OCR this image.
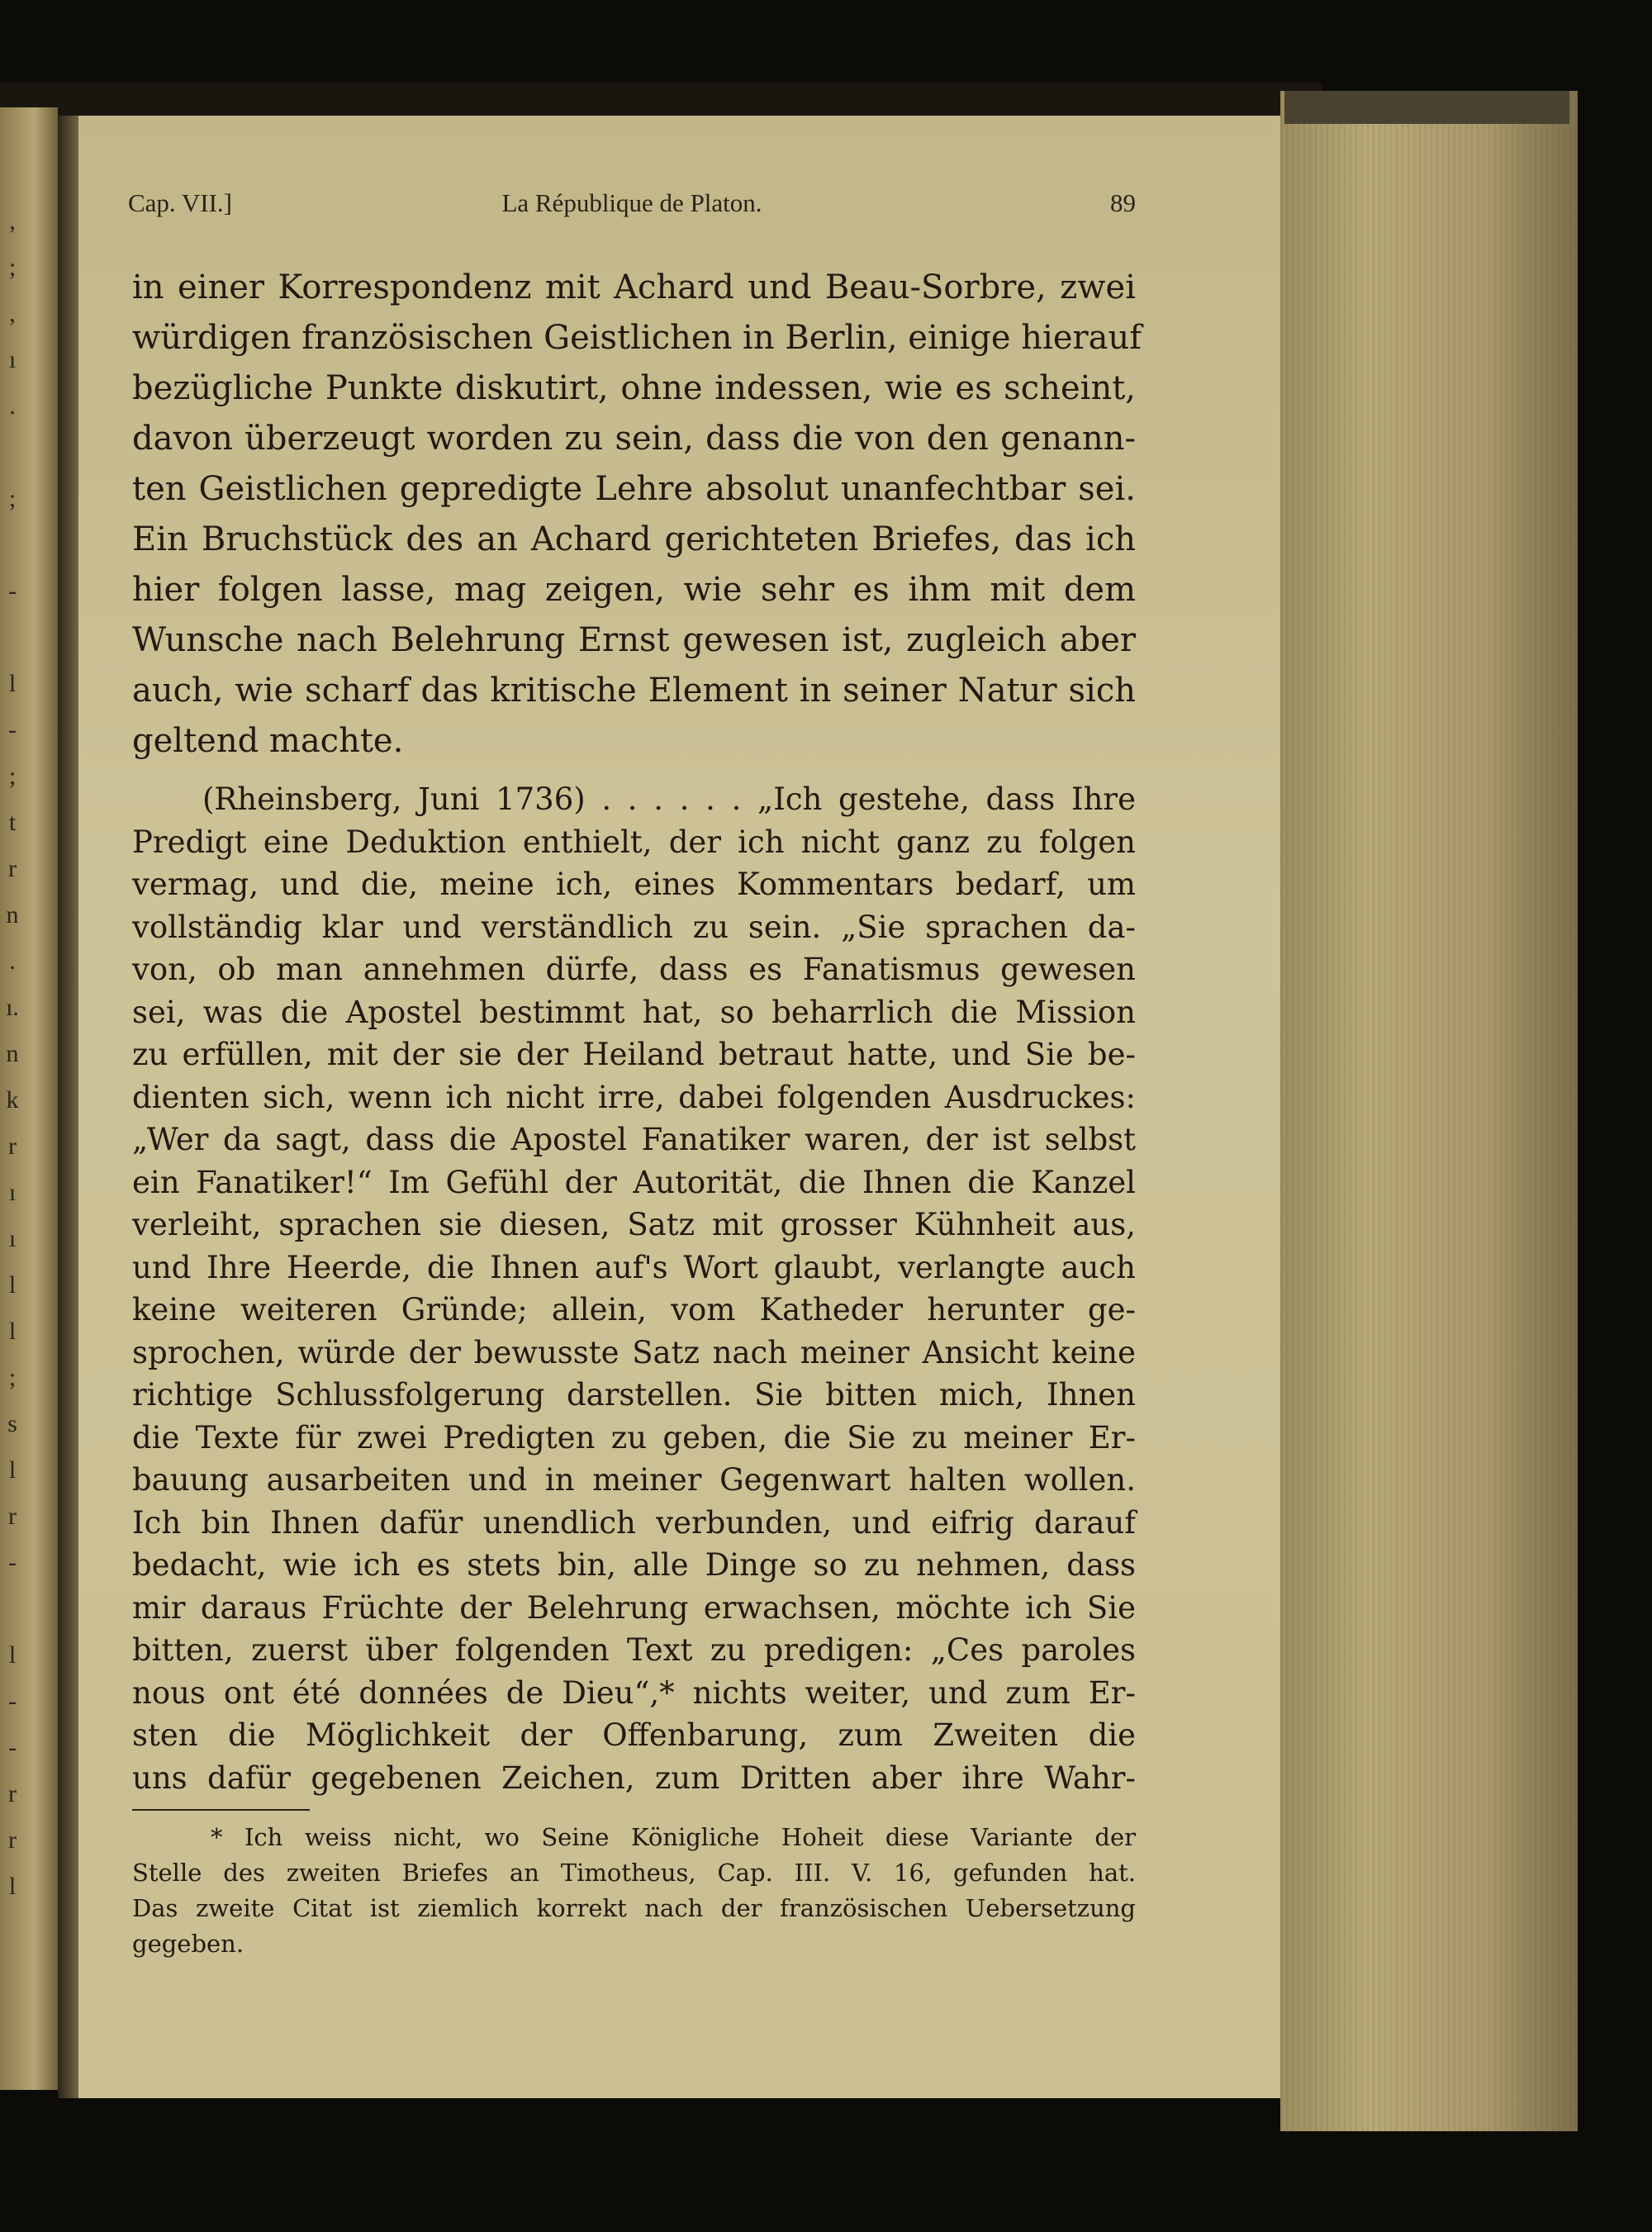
,
;
,
ı
.
;
-
l
-
;
t
r
n
.
ı.
n
k
r
ı
ı
l
l
;
s
l
r
-
l
-
-
r
r
l
Cap. VII.]	La République de Platon.	89
in einer Korrespondenz mit Achard und Beau-Sorbre, zwei
würdigen französischen Geistlichen in Berlin, einige hierauf
bezügliche Punkte diskutirt, ohne indessen, wie es scheint,
davon überzeugt worden zu sein, dass die von den genann-
ten Geistlichen gepredigte Lehre absolut unanfechtbar sei.
Ein Bruchstück des an Achard gerichteten Briefes, das ich
hier folgen lasse, mag zeigen, wie sehr es ihm mit dem
Wunsche nach Belehrung Ernst gewesen ist, zugleich aber
auch, wie scharf das kritische Element in seiner Natur sich
geltend machte.
(Rheinsberg, Juni 1736) . . . . . . „Ich gestehe, dass Ihre
Predigt eine Deduktion enthielt, der ich nicht ganz zu folgen
vermag, und die, meine ich, eines Kommentars bedarf, um
vollständig klar und verständlich zu sein. „Sie sprachen da-
von, ob man annehmen dürfe, dass es Fanatismus gewesen
sei, was die Apostel bestimmt hat, so beharrlich die Mission
zu erfüllen, mit der sie der Heiland betraut hatte, und Sie be-
dienten sich, wenn ich nicht irre, dabei folgenden Ausdruckes:
„Wer da sagt, dass die Apostel Fanatiker waren, der ist selbst
ein Fanatiker!“ Im Gefühl der Autorität, die Ihnen die Kanzel
verleiht, sprachen sie diesen, Satz mit grosser Kühnheit aus,
und Ihre Heerde, die Ihnen auf's Wort glaubt, verlangte auch
keine weiteren Gründe; allein, vom Katheder herunter ge-
sprochen, würde der bewusste Satz nach meiner Ansicht keine
richtige Schlussfolgerung darstellen. Sie bitten mich, Ihnen
die Texte für zwei Predigten zu geben, die Sie zu meiner Er-
bauung ausarbeiten und in meiner Gegenwart halten wollen.
Ich bin Ihnen dafür unendlich verbunden, und eifrig darauf
bedacht, wie ich es stets bin, alle Dinge so zu nehmen, dass
mir daraus Früchte der Belehrung erwachsen, möchte ich Sie
bitten, zuerst über folgenden Text zu predigen: „Ces paroles
nous ont été données de Dieu“,* nichts weiter, und zum Er-
sten die Möglichkeit der Offenbarung, zum Zweiten die
uns dafür gegebenen Zeichen, zum Dritten aber ihre Wahr-
* Ich weiss nicht, wo Seine Königliche Hoheit diese Variante der
Stelle des zweiten Briefes an Timotheus, Cap. III. V. 16, gefunden hat.
Das zweite Citat ist ziemlich korrekt nach der französischen Uebersetzung
gegeben.
